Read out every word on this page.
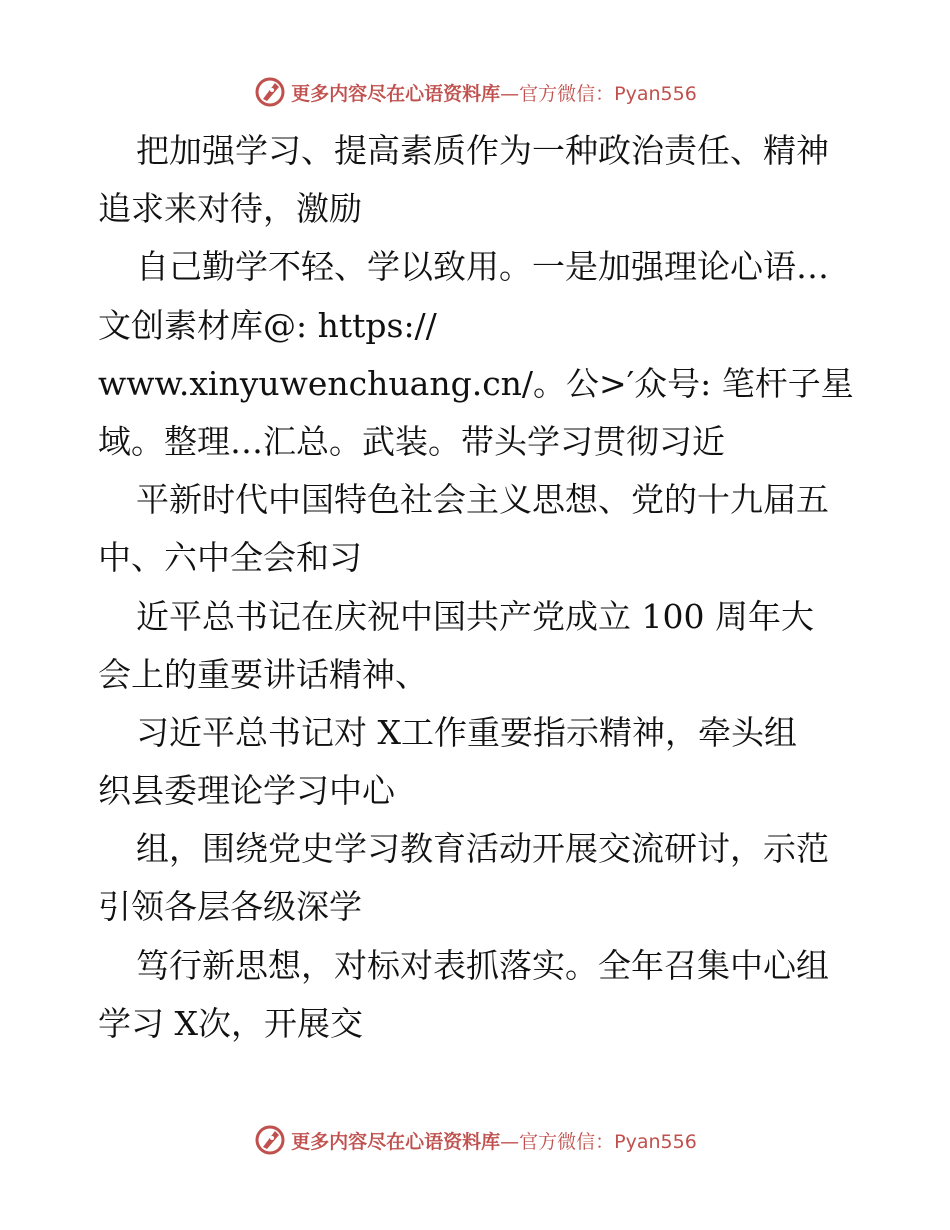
更多内容尽在心语资料库 —官方微信：Pyan556
把加强学习、提高素质作为一种政治责任、精神
追求来对待，激励
自己勤学不轻、学以致用。一是加强理论心语…
文创素材库@: https://
www.xinyuwenchuang.cn/。公>′众号: 笔杆子星
域。整理…汇总。武装。带头学习贯彻习近
平新时代中国特色社会主义思想、党的十九届五
中、六中全会和习
近平总书记在庆祝中国共产党成立 100 周年大
会上的重要讲话精神、
习近平总书记对 X工作重要指示精神，牵头组
织县委理论学习中心
组，围绕党史学习教育活动开展交流研讨，示范
引领各层各级深学
笃行新思想，对标对表抓落实。全年召集中心组
学习 X次，开展交
更多内容尽在心语资料库 —官方微信：Pyan556
